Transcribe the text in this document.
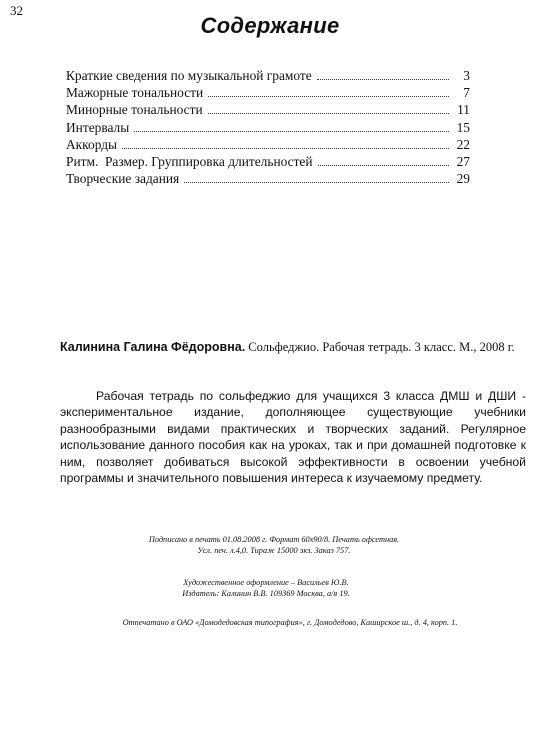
32
Содержание
Краткие сведения по музыкальной грамоте	3
Мажорные тональности	7
Минорные тональности	11
Интервалы	15
Аккорды	22
Ритм.  Размер. Группировка длительностей	27
Творческие задания	29
Калинина Галина Фёдоровна. Сольфеджио. Рабочая тетрадь. 3 класс. М., 2008 г.

Рабочая тетрадь по сольфеджио для учащихся 3 класса ДМШ и ДШИ - экспериментальное издание, дополняющее существующие учебники разнообразными видами практических и творческих заданий. Регулярное использование данного пособия как на уроках, так и при домашней подготовке к ним, позволяет добиваться высокой эффективности в освоении учебной программы и значительного повышения интереса к изучаемому предмету.

Подписано в печать 01.08.2008 г. Формат 60х90/8. Печать офсетная.
Усл. печ. л.4,0. Тираж 15000 экз. Заказ 757.
Художественное оформление – Васильев Ю.В.
Издатель: Калинин В.В. 109369 Москва, а/я 19.
Отпечатано в ОАО «Домодедовская типография», г. Домодедово, Каширское ш., д. 4, корп. 1.
